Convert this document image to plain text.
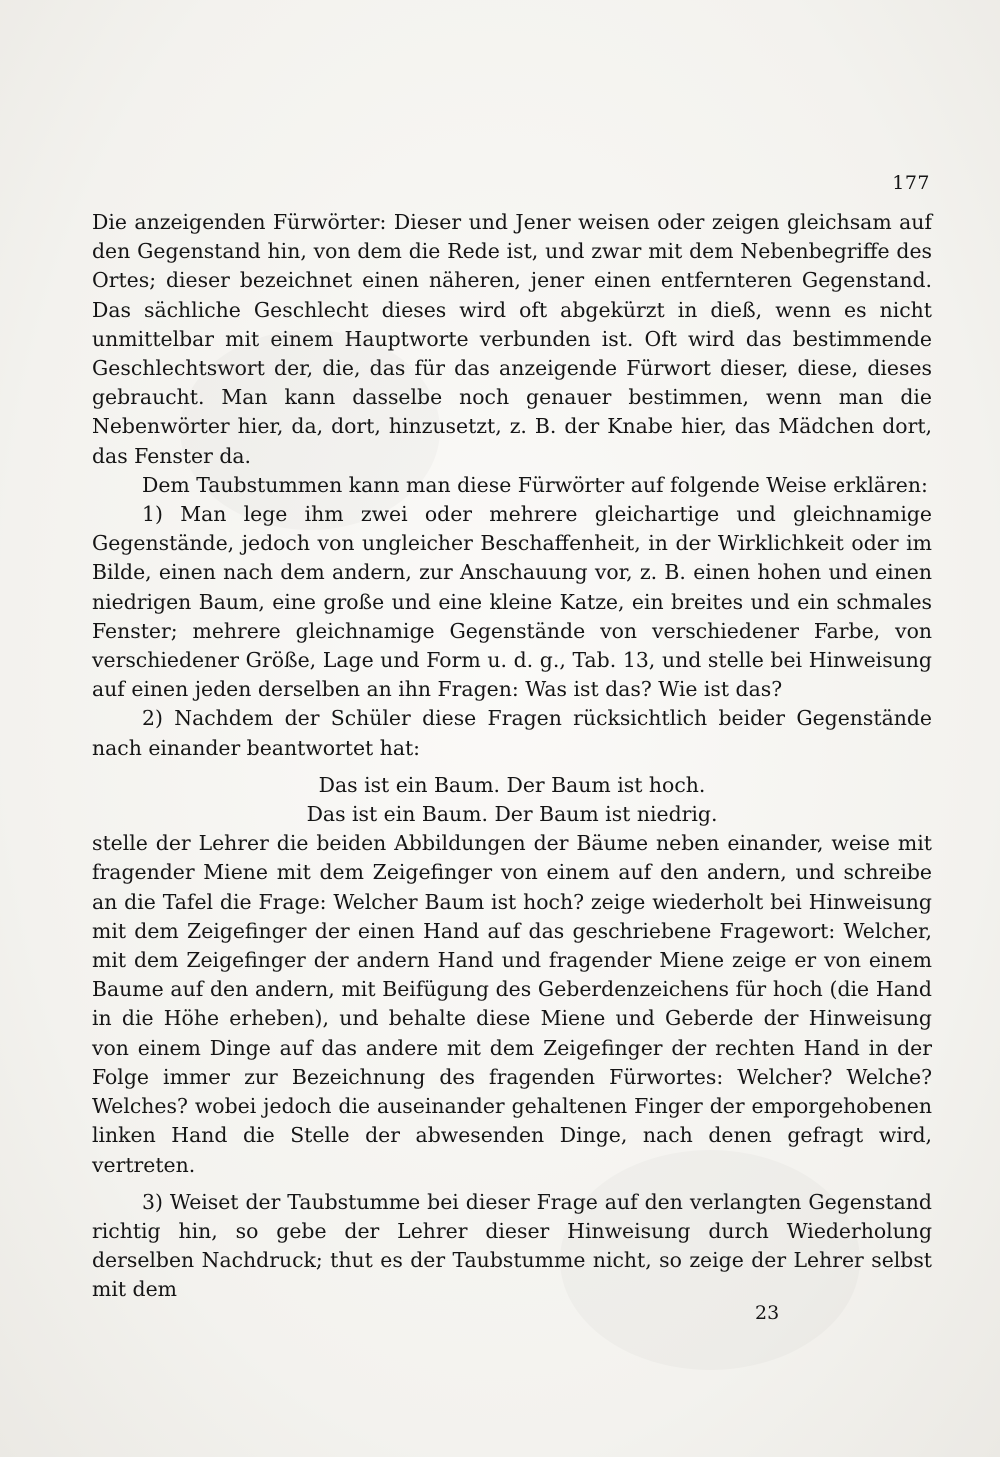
177

Die anzeigenden Fürwörter: Dieser und Jener weisen oder zeigen gleichsam auf den Gegenstand hin, von dem die Rede ist, und zwar mit dem Nebenbegriffe des Ortes; dieser bezeichnet einen näheren, jener einen entfernteren Gegenstand. Das sächliche Geschlecht dieses wird oft abgekürzt in dieß, wenn es nicht unmittelbar mit einem Hauptworte verbunden ist. Oft wird das bestimmende Geschlechtswort der, die, das für das anzeigende Fürwort dieser, diese, dieses gebraucht. Man kann dasselbe noch genauer bestimmen, wenn man die Nebenwörter hier, da, dort, hinzusetzt, z. B. der Knabe hier, das Mädchen dort, das Fenster da.

Dem Taubstummen kann man diese Fürwörter auf folgende Weise erklären:

1) Man lege ihm zwei oder mehrere gleichartige und gleichnamige Gegenstände, jedoch von ungleicher Beschaffenheit, in der Wirklichkeit oder im Bilde, einen nach dem andern, zur Anschauung vor, z. B. einen hohen und einen niedrigen Baum, eine große und eine kleine Katze, ein breites und ein schmales Fenster; mehrere gleichnamige Gegenstände von verschiedener Farbe, von verschiedener Größe, Lage und Form u. d. g., Tab. 13, und stelle bei Hinweisung auf einen jeden derselben an ihn Fragen: Was ist das? Wie ist das?

2) Nachdem der Schüler diese Fragen rücksichtlich beider Gegenstände nach einander beantwortet hat:

Das ist ein Baum. Der Baum ist hoch.

Das ist ein Baum. Der Baum ist niedrig.

stelle der Lehrer die beiden Abbildungen der Bäume neben einander, weise mit fragender Miene mit dem Zeigefinger von einem auf den andern, und schreibe an die Tafel die Frage: Welcher Baum ist hoch? zeige wiederholt bei Hinweisung mit dem Zeigefinger der einen Hand auf das geschriebene Fragewort: Welcher, mit dem Zeigefinger der andern Hand und fragender Miene zeige er von einem Baume auf den andern, mit Beifügung des Geberdenzeichens für hoch (die Hand in die Höhe erheben), und behalte diese Miene und Geberde der Hinweisung von einem Dinge auf das andere mit dem Zeigefinger der rechten Hand in der Folge immer zur Bezeichnung des fragenden Fürwortes: Welcher? Welche? Welches? wobei jedoch die auseinander gehaltenen Finger der emporgehobenen linken Hand die Stelle der abwesenden Dinge, nach denen gefragt wird, vertreten.

3) Weiset der Taubstumme bei dieser Frage auf den verlangten Gegenstand richtig hin, so gebe der Lehrer dieser Hinweisung durch Wiederholung derselben Nachdruck; thut es der Taubstumme nicht, so zeige der Lehrer selbst mit dem

23
